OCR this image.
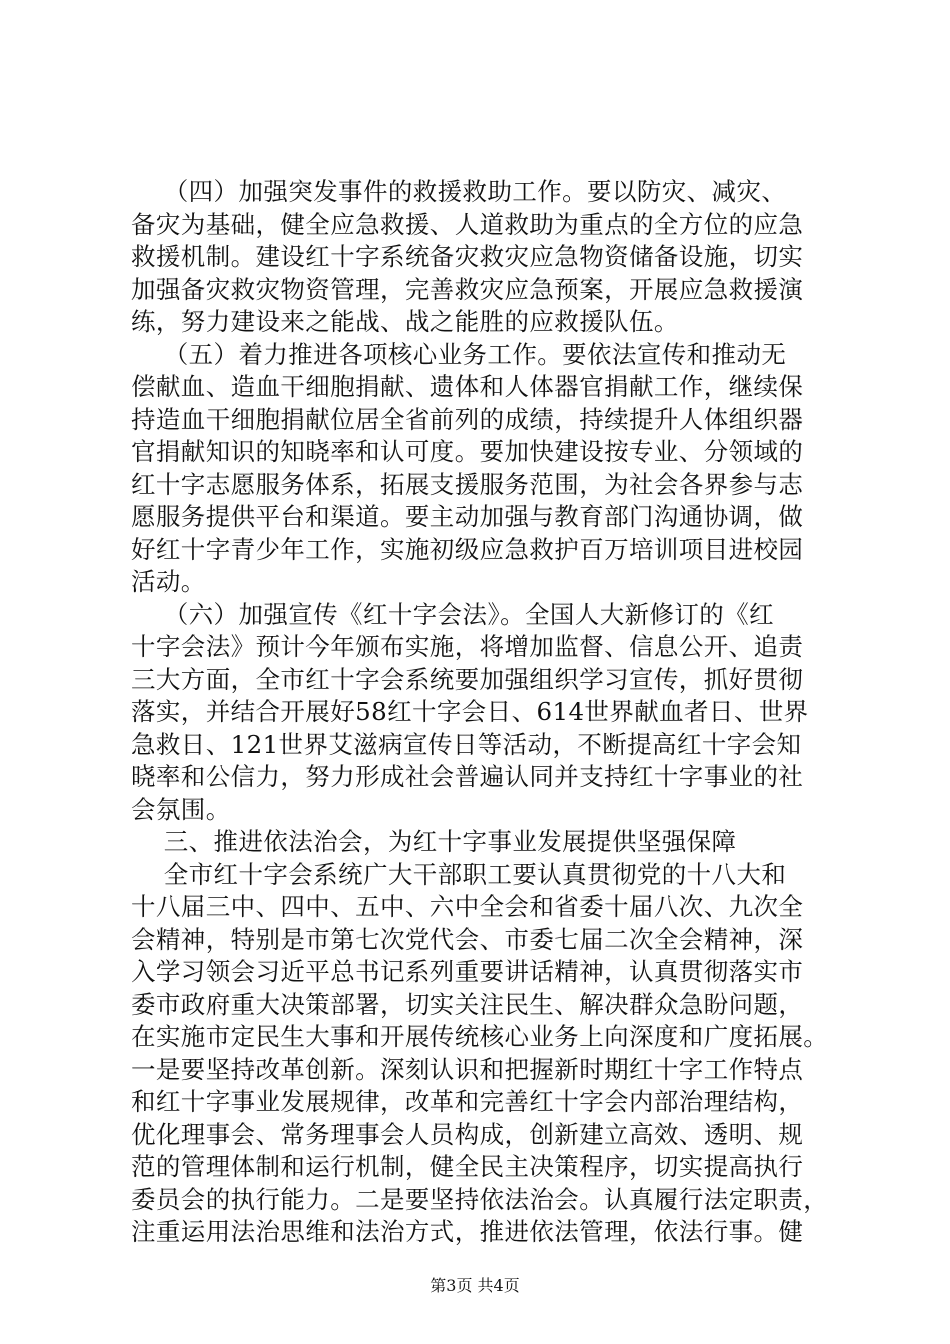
（四）加强突发事件的救援救助工作。要以防灾、减灾、
备灾为基础，健全应急救援、人道救助为重点的全方位的应急
救援机制。建设红十字系统备灾救灾应急物资储备设施，切实
加强备灾救灾物资管理，完善救灾应急预案，开展应急救援演
练，努力建设来之能战、战之能胜的应救援队伍。
（五）着力推进各项核心业务工作。要依法宣传和推动无
偿献血、造血干细胞捐献、遗体和人体器官捐献工作，继续保
持造血干细胞捐献位居全省前列的成绩，持续提升人体组织器
官捐献知识的知晓率和认可度。要加快建设按专业、分领域的
红十字志愿服务体系，拓展支援服务范围，为社会各界参与志
愿服务提供平台和渠道。要主动加强与教育部门沟通协调，做
好红十字青少年工作，实施初级应急救护百万培训项目进校园
活动。
（六）加强宣传《红十字会法》。全国人大新修订的《红
十字会法》预计今年颁布实施，将增加监督、信息公开、追责
三大方面，全市红十字会系统要加强组织学习宣传，抓好贯彻
落实，并结合开展好58红十字会日、614世界献血者日、世界
急救日、121世界艾滋病宣传日等活动，不断提高红十字会知
晓率和公信力，努力形成社会普遍认同并支持红十字事业的社
会氛围。
三、推进依法治会，为红十字事业发展提供坚强保障
全市红十字会系统广大干部职工要认真贯彻党的十八大和
十八届三中、四中、五中、六中全会和省委十届八次、九次全
会精神，特别是市第七次党代会、市委七届二次全会精神，深
入学习领会习近平总书记系列重要讲话精神，认真贯彻落实市
委市政府重大决策部署，切实关注民生、解决群众急盼问题，
在实施市定民生大事和开展传统核心业务上向深度和广度拓展。
一是要坚持改革创新。深刻认识和把握新时期红十字工作特点
和红十字事业发展规律，改革和完善红十字会内部治理结构，
优化理事会、常务理事会人员构成，创新建立高效、透明、规
范的管理体制和运行机制，健全民主决策程序，切实提高执行
委员会的执行能力。二是要坚持依法治会。认真履行法定职责，
注重运用法治思维和法治方式，推进依法管理，依法行事。健
第3页 共4页
